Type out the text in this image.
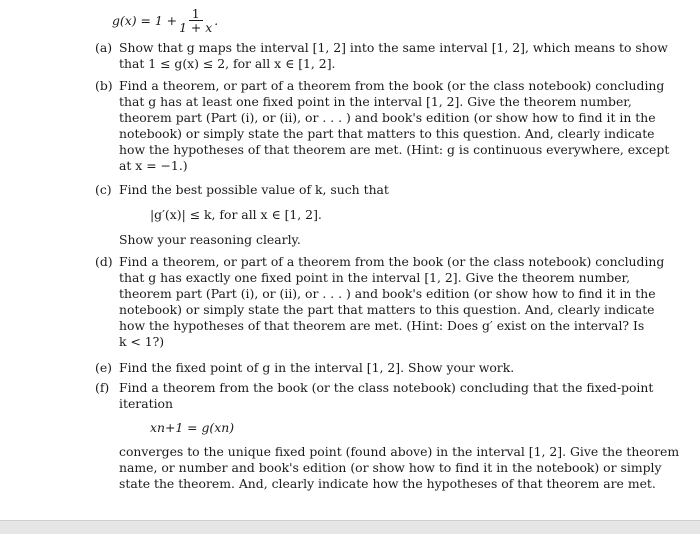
$g(x) = 1 + \frac{1}{1 + x}$ .
(a) Show that g maps the interval [1, 2] into the same interval [1, 2], which means to show
that 1 ≤ g(x) ≤ 2, for all x ∈ [1, 2].
(b) Find a theorem, or part of a theorem from the book (or the class notebook) concluding
that g has at least one fixed point in the interval [1, 2]. Give the theorem number,
theorem part (Part (i), or (ii), or . . . ) and book's edition (or show how to find it in the
notebook) or simply state the part that matters to this question. And, clearly indicate
how the hypotheses of that theorem are met. (Hint: g is continuous everywhere, except
at x = −1.)
(c) Find the best possible value of k, such that
|g′(x)| ≤ k, for all x ∈ [1, 2].
Show your reasoning clearly.
(d) Find a theorem, or part of a theorem from the book (or the class notebook) concluding
that g has exactly one fixed point in the interval [1, 2]. Give the theorem number,
theorem part (Part (i), or (ii), or . . . ) and book's edition (or show how to find it in the
notebook) or simply state the part that matters to this question. And, clearly indicate
how the hypotheses of that theorem are met. (Hint: Does g′ exist on the interval? Is
k < 1?)
(e) Find the fixed point of g in the interval [1, 2]. Show your work.
(f) Find a theorem from the book (or the class notebook) concluding that the fixed-point
iteration
xn+1 = g(xn)
converges to the unique fixed point (found above) in the interval [1, 2]. Give the theorem
name, or number and book's edition (or show how to find it in the notebook) or simply
state the theorem. And, clearly indicate how the hypotheses of that theorem are met.
